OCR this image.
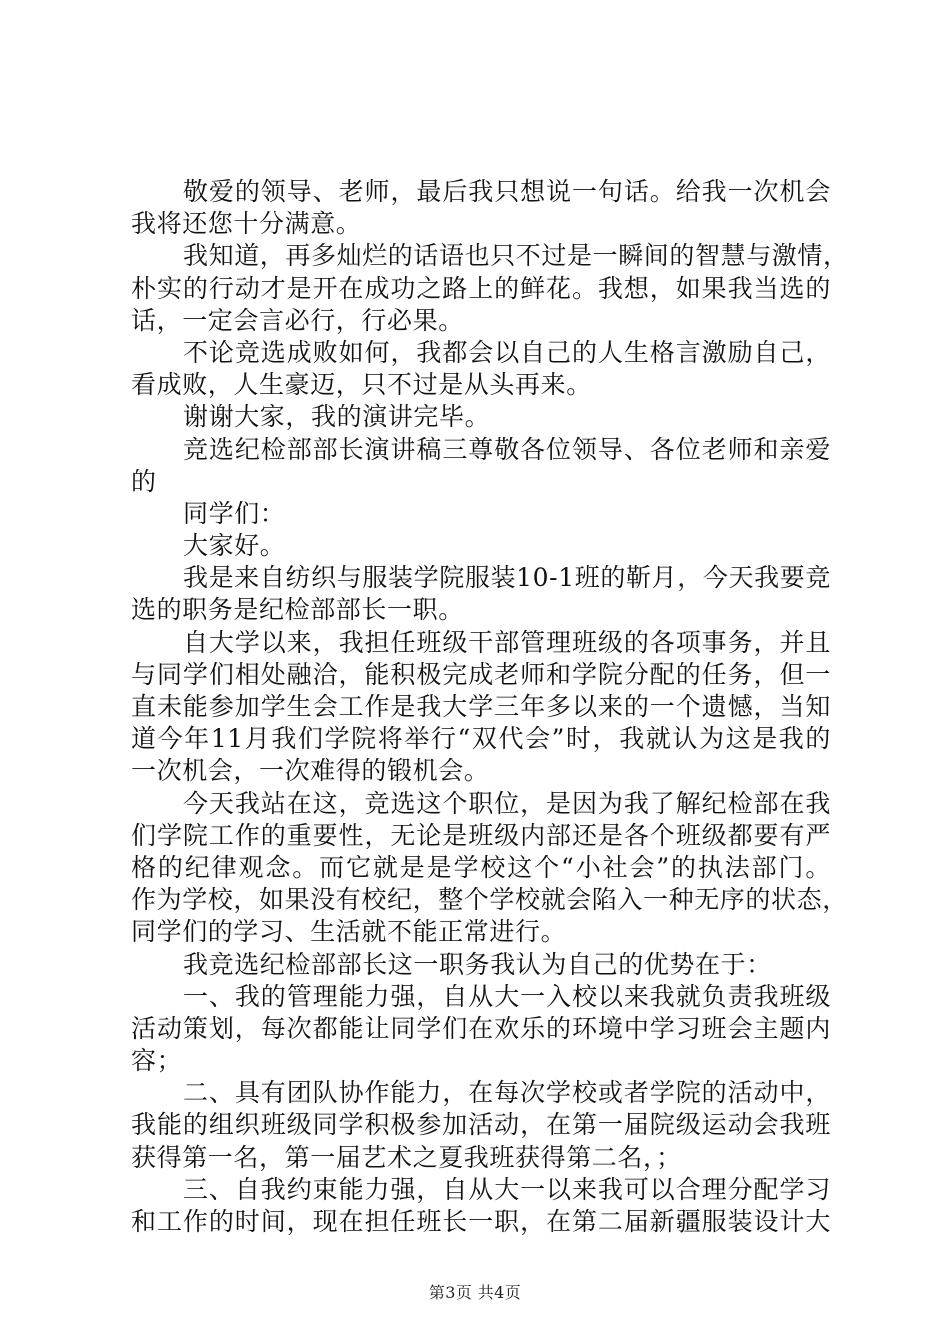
敬爱的领导、老师，最后我只想说一句话。给我一次机会
我将还您十分满意。
我知道，再多灿烂的话语也只不过是一瞬间的智慧与激情，
朴实的行动才是开在成功之路上的鲜花。我想，如果我当选的
话，一定会言必行，行必果。
不论竞选成败如何，我都会以自己的人生格言激励自己，
看成败，人生豪迈，只不过是从头再来。
谢谢大家，我的演讲完毕。
竞选纪检部部长演讲稿三尊敬各位领导、各位老师和亲爱
的
同学们：
大家好。
我是来自纺织与服装学院服装10-1班的靳月，今天我要竞
选的职务是纪检部部长一职。
自大学以来，我担任班级干部管理班级的各项事务，并且
与同学们相处融洽，能积极完成老师和学院分配的任务，但一
直未能参加学生会工作是我大学三年多以来的一个遗憾，当知
道今年11月我们学院将举行“双代会”时，我就认为这是我的
一次机会，一次难得的锻机会。
今天我站在这，竞选这个职位，是因为我了解纪检部在我
们学院工作的重要性，无论是班级内部还是各个班级都要有严
格的纪律观念。而它就是是学校这个“小社会”的执法部门。
作为学校，如果没有校纪，整个学校就会陷入一种无序的状态，
同学们的学习、生活就不能正常进行。
我竞选纪检部部长这一职务我认为自己的优势在于：
一、我的管理能力强，自从大一入校以来我就负责我班级
活动策划，每次都能让同学们在欢乐的环境中学习班会主题内
容；
二、具有团队协作能力，在每次学校或者学院的活动中，
我能的组织班级同学积极参加活动，在第一届院级运动会我班
获得第一名，第一届艺术之夏我班获得第二名，；
三、自我约束能力强，自从大一以来我可以合理分配学习
和工作的时间，现在担任班长一职，在第二届新疆服装设计大
第3页 共4页
